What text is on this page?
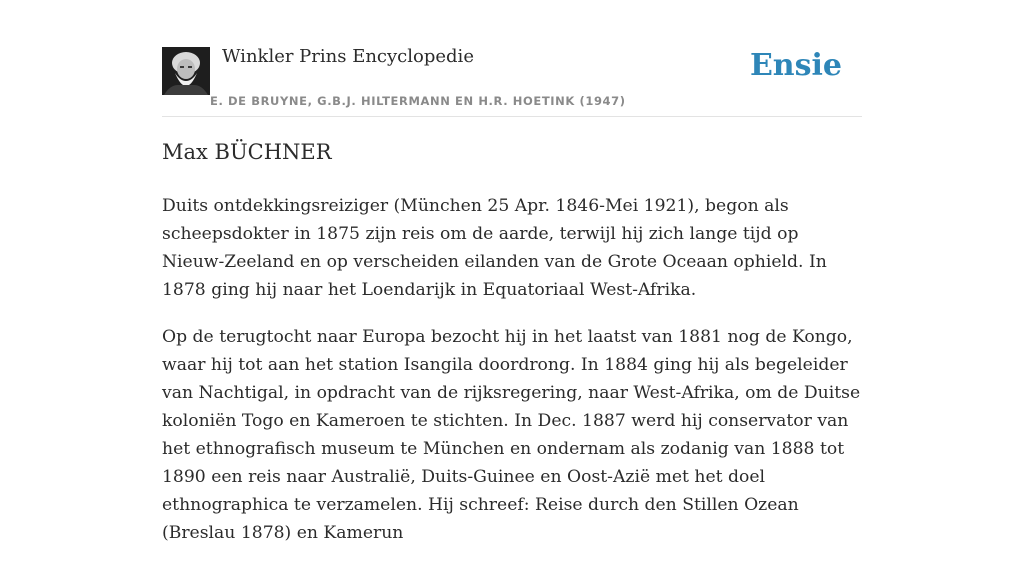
Winkler Prins Encyclopedie
E. DE BRUYNE, G.B.J. HILTERMANN EN H.R. HOETINK (1947)
Ensie
Max BÜCHNER

Duits ontdekkingsreiziger (München 25 Apr. 1846-Mei 1921), begon als scheepsdokter in 1875 zijn reis om de aarde, terwijl hij zich lange tijd op Nieuw-Zeeland en op verscheiden eilanden van de Grote Oceaan ophield. In 1878 ging hij naar het Loendarijk in Equatoriaal West-Afrika.

Op de terugtocht naar Europa bezocht hij in het laatst van 1881 nog de Kongo, waar hij tot aan het station Isangila doordrong. In 1884 ging hij als begeleider van Nachtigal, in opdracht van de rijksregering, naar West-Afrika, om de Duitse koloniën Togo en Kameroen te stichten. In Dec. 1887 werd hij conservator van het ethnografisch museum te München en ondernam als zodanig van 1888 tot 1890 een reis naar Australië, Duits-Guinee en Oost-Azië met het doel ethnographica te verzamelen. Hij schreef: Reise durch den Stillen Ozean (Breslau 1878) en Kamerun
